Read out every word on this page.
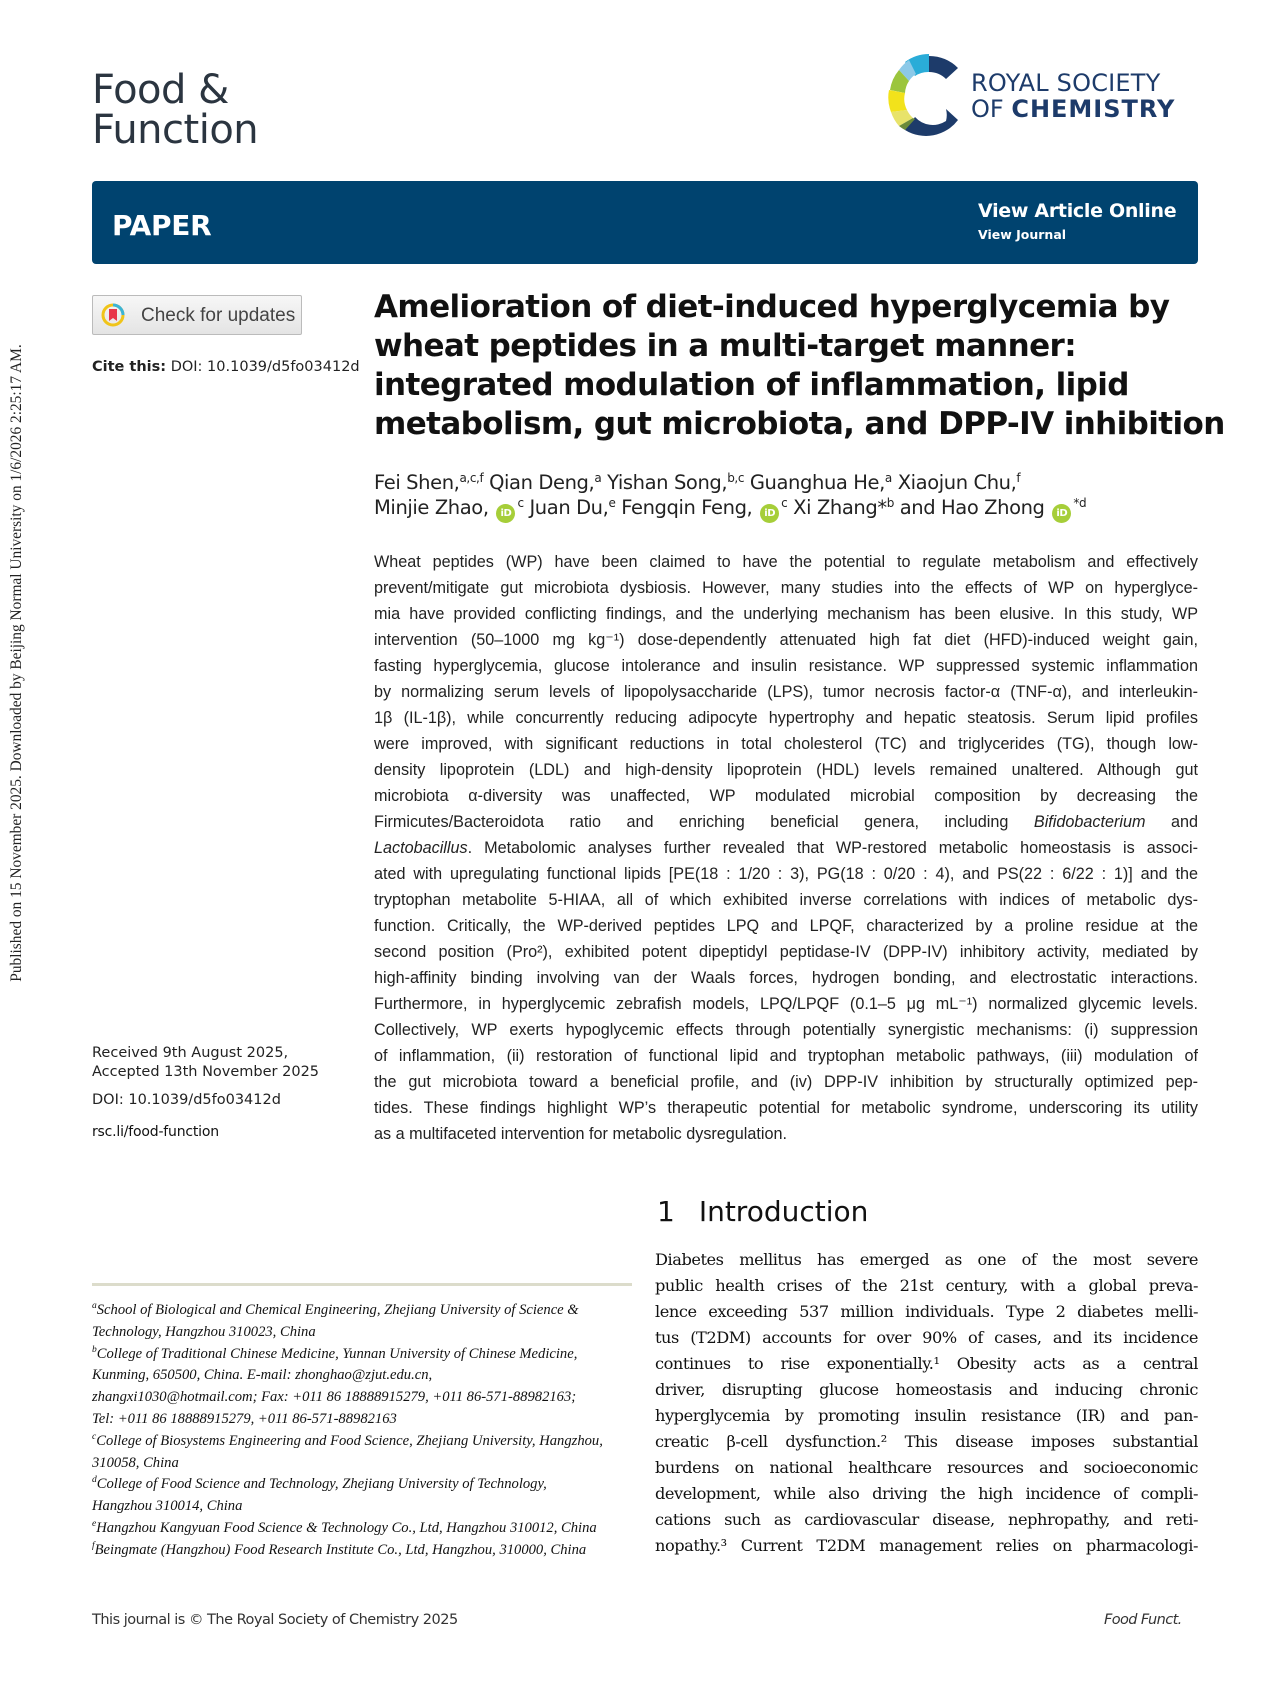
Published on 15 November 2025. Downloaded by Beijing Normal University on 1/6/2026 2:25:17 AM.
Food &
Function
ROYAL SOCIETY
OF CHEMISTRY
PAPER	View Article Online
View Journal
Check for updates
Cite this: DOI: 10.1039/d5fo03412d
Amelioration of diet-induced hyperglycemia by
wheat peptides in a multi-target manner:
integrated modulation of inflammation, lipid
metabolism, gut microbiota, and DPP-IV inhibition
Fei Shen,$^{a,c,f}$ Qian Deng,$^a$ Yishan Song,$^{b,c}$ Guanghua He,$^a$ Xiaojun Chu,$^f$
Minjie Zhao, $iD^c$ Juan Du,$^e$ Fengqin Feng, $iD^c$ Xi Zhang*$^b$ and Hao Zhong $iD^{*d}$
Wheat peptides (WP) have been claimed to have the potential to regulate metabolism and effectively
prevent/mitigate gut microbiota dysbiosis. However, many studies into the effects of WP on hyperglyce-
mia have provided conflicting findings, and the underlying mechanism has been elusive. In this study, WP
intervention (50–1000 mg kg⁻¹) dose-dependently attenuated high fat diet (HFD)-induced weight gain,
fasting hyperglycemia, glucose intolerance and insulin resistance. WP suppressed systemic inflammation
by normalizing serum levels of lipopolysaccharide (LPS), tumor necrosis factor-α (TNF-α), and interleukin-
1β (IL-1β), while concurrently reducing adipocyte hypertrophy and hepatic steatosis. Serum lipid profiles
were improved, with significant reductions in total cholesterol (TC) and triglycerides (TG), though low-
density lipoprotein (LDL) and high-density lipoprotein (HDL) levels remained unaltered. Although gut
microbiota α-diversity was unaffected, WP modulated microbial composition by decreasing the
Firmicutes/Bacteroidota ratio and enriching beneficial genera, including Bifidobacterium and
Lactobacillus. Metabolomic analyses further revealed that WP-restored metabolic homeostasis is associ-
ated with upregulating functional lipids [PE(18 : 1/20 : 3), PG(18 : 0/20 : 4), and PS(22 : 6/22 : 1)] and the
tryptophan metabolite 5-HIAA, all of which exhibited inverse correlations with indices of metabolic dys-
function. Critically, the WP-derived peptides LPQ and LPQF, characterized by a proline residue at the
second position (Pro²), exhibited potent dipeptidyl peptidase-IV (DPP-IV) inhibitory activity, mediated by
high-affinity binding involving van der Waals forces, hydrogen bonding, and electrostatic interactions.
Furthermore, in hyperglycemic zebrafish models, LPQ/LPQF (0.1–5 μg mL⁻¹) normalized glycemic levels.
Collectively, WP exerts hypoglycemic effects through potentially synergistic mechanisms: (i) suppression
of inflammation, (ii) restoration of functional lipid and tryptophan metabolic pathways, (iii) modulation of
the gut microbiota toward a beneficial profile, and (iv) DPP-IV inhibition by structurally optimized pep-
tides. These findings highlight WP’s therapeutic potential for metabolic syndrome, underscoring its utility
as a multifaceted intervention for metabolic dysregulation.
Received 9th August 2025,
Accepted 13th November 2025
DOI: 10.1039/d5fo03412d
rsc.li/food-function
1 Introduction
Diabetes mellitus has emerged as one of the most severe
public health crises of the 21st century, with a global preva-
lence exceeding 537 million individuals. Type 2 diabetes melli-
tus (T2DM) accounts for over 90% of cases, and its incidence
continues to rise exponentially.¹ Obesity acts as a central
driver, disrupting glucose homeostasis and inducing chronic
hyperglycemia by promoting insulin resistance (IR) and pan-
creatic β-cell dysfunction.² This disease imposes substantial
burdens on national healthcare resources and socioeconomic
development, while also driving the high incidence of compli-
cations such as cardiovascular disease, nephropathy, and reti-
nopathy.³ Current T2DM management relies on pharmacologi-
$^a$School of Biological and Chemical Engineering, Zhejiang University of Science &
Technology, Hangzhou 310023, China
$^b$College of Traditional Chinese Medicine, Yunnan University of Chinese Medicine,
Kunming, 650500, China. E-mail: zhonghao@zjut.edu.cn,
zhangxi1030@hotmail.com; Fax: +011 86 18888915279, +011 86-571-88982163;
Tel: +011 86 18888915279, +011 86-571-88982163
$^c$College of Biosystems Engineering and Food Science, Zhejiang University, Hangzhou,
310058, China
$^d$College of Food Science and Technology, Zhejiang University of Technology,
Hangzhou 310014, China
$^e$Hangzhou Kangyuan Food Science & Technology Co., Ltd, Hangzhou 310012, China
$^f$Beingmate (Hangzhou) Food Research Institute Co., Ltd, Hangzhou, 310000, China
This journal is © The Royal Society of Chemistry 2025	Food Funct.
